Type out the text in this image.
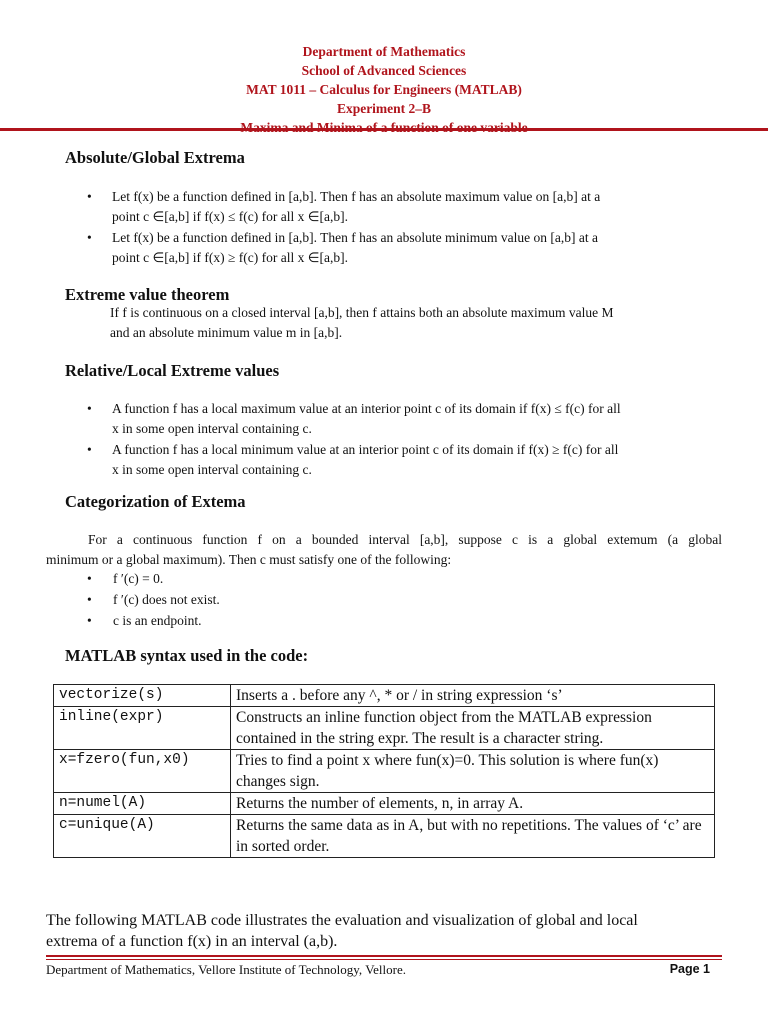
Department of Mathematics
School of Advanced Sciences
MAT 1011 – Calculus for Engineers (MATLAB)
Experiment 2–B
Absolute/Global Extrema
• Let f(x) be a function defined in [a,b]. Then f has an absolute maximum value on [a,b] at a
point c ∈[a,b] if f(x) ≤ f(c) for all x ∈[a,b].
• Let f(x) be a function defined in [a,b]. Then f has an absolute minimum value on [a,b] at a
point c ∈[a,b] if f(x) ≥ f(c) for all x ∈[a,b].
Extreme value theorem
If f is continuous on a closed interval [a,b], then f attains both an absolute maximum value M
and an absolute minimum value m in [a,b].
Relative/Local Extreme values
• A function f has a local maximum value at an interior point c of its domain if f(x) ≤ f(c) for all
x in some open interval containing c.
• A function f has a local minimum value at an interior point c of its domain if f(x) ≥ f(c) for all
x in some open interval containing c.
Categorization of Extema
For a continuous function f on a bounded interval [a,b], suppose c is a global extemum (a global
minimum or a global maximum). Then c must satisfy one of the following:
• f ′(c) = 0.
• f ′(c) does not exist.
• c is an endpoint.
MATLAB syntax used in the code:
vectorize(s)	Inserts a . before any ^, * or / in string expression ‘s’
inline(expr)	Constructs an inline function object from the MATLAB expression contained in the string expr. The result is a character string.
x=fzero(fun,x0)	Tries to find a point x where fun(x)=0. This solution is where fun(x) changes sign.
n=numel(A)	Returns the number of elements, n, in array A.
c=unique(A)	Returns the same data as in A, but with no repetitions. The values of ‘c’ are in sorted order.
The following MATLAB code illustrates the evaluation and visualization of global and local
extrema of a function f(x) in an interval (a,b).
Department of Mathematics, Vellore Institute of Technology, Vellore.	Page 1
